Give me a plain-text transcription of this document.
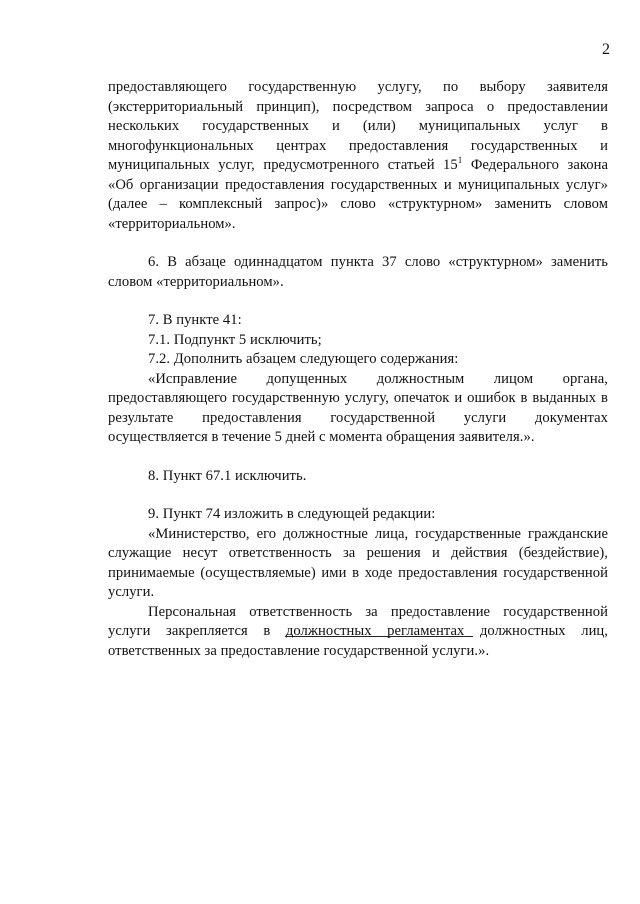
2

предоставляющего государственную услугу, по выбору заявителя (экстерриториальный принцип), посредством запроса о предоставлении нескольких государственных и (или) муниципальных услуг в многофункциональных центрах предоставления государственных и муниципальных услуг, предусмотренного статьей $15^1$ Федерального закона «Об организации предоставления государственных и муниципальных услуг» (далее – комплексный запрос)» слово «структурном» заменить словом «территориальном».

6. В абзаце одиннадцатом пункта 37 слово «структурном» заменить словом «территориальном».

7. В пункте 41:

7.1. Подпункт 5 исключить;

7.2. Дополнить абзацем следующего содержания:

«Исправление допущенных должностным лицом органа, предоставляющего государственную услугу, опечаток и ошибок в выданных в результате предоставления государственной услуги документах осуществляется в течение 5 дней с момента обращения заявителя.».

8. Пункт 67.1 исключить.

9. Пункт 74 изложить в следующей редакции:

«Министерство, его должностные лица, государственные гражданские служащие несут ответственность за решения и действия (бездействие), принимаемые (осуществляемые) ими в ходе предоставления государственной услуги.

Персональная ответственность за предоставление государственной услуги закрепляется в должностных регламентах должностных лиц, ответственных за предоставление государственной услуги.».
